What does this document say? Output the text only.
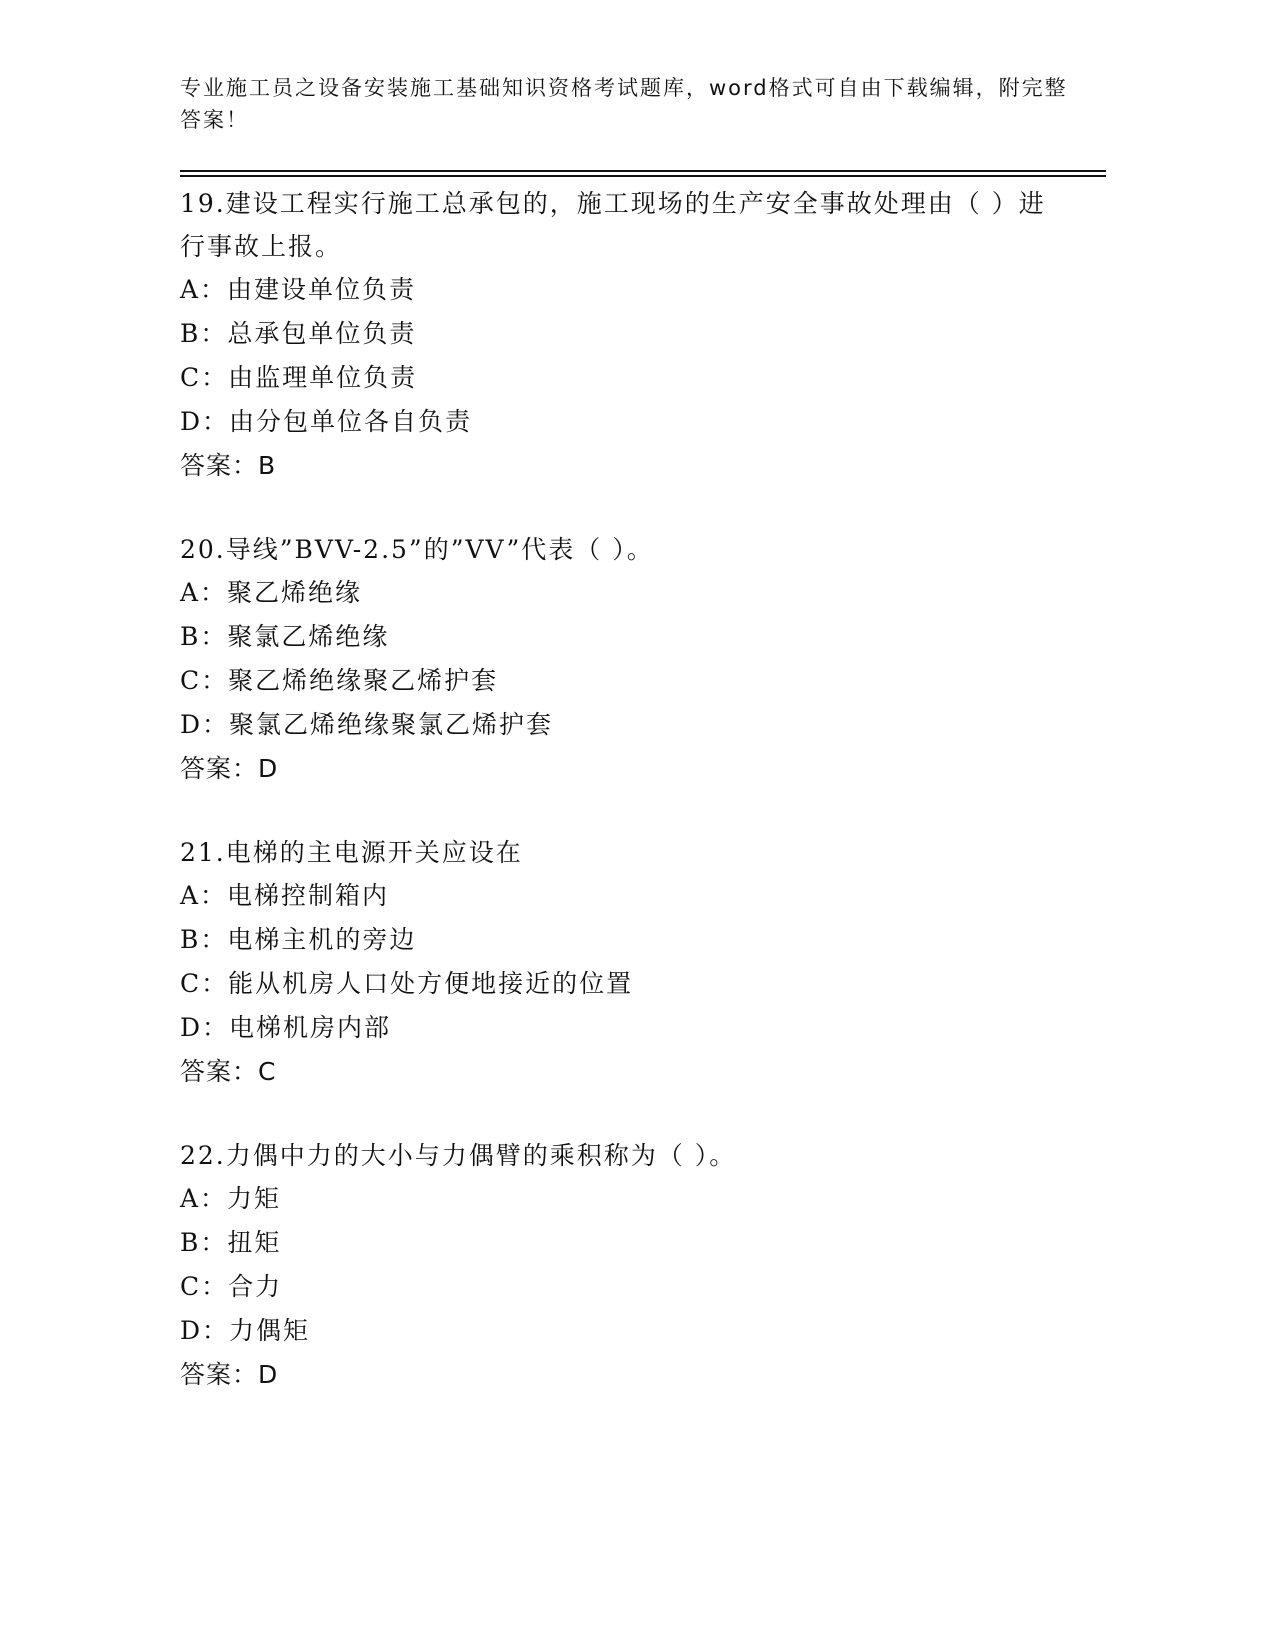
专业施工员之设备安装施工基础知识资格考试题库，word格式可自由下载编辑，附完整答案！

19.建设工程实行施工总承包的，施工现场的生产安全事故处理由（ ）进行事故上报。

A：由建设单位负责

B：总承包单位负责

C：由监理单位负责

D：由分包单位各自负责

答案：B

20.导线”BVV-2.5”的”VV”代表（ ）。

A：聚乙烯绝缘

B：聚氯乙烯绝缘

C：聚乙烯绝缘聚乙烯护套

D：聚氯乙烯绝缘聚氯乙烯护套

答案：D

21.电梯的主电源开关应设在

A：电梯控制箱内

B：电梯主机的旁边

C：能从机房人口处方便地接近的位置

D：电梯机房内部

答案：C

22.力偶中力的大小与力偶臂的乘积称为（ ）。

A：力矩

B：扭矩

C：合力

D：力偶矩

答案：D
